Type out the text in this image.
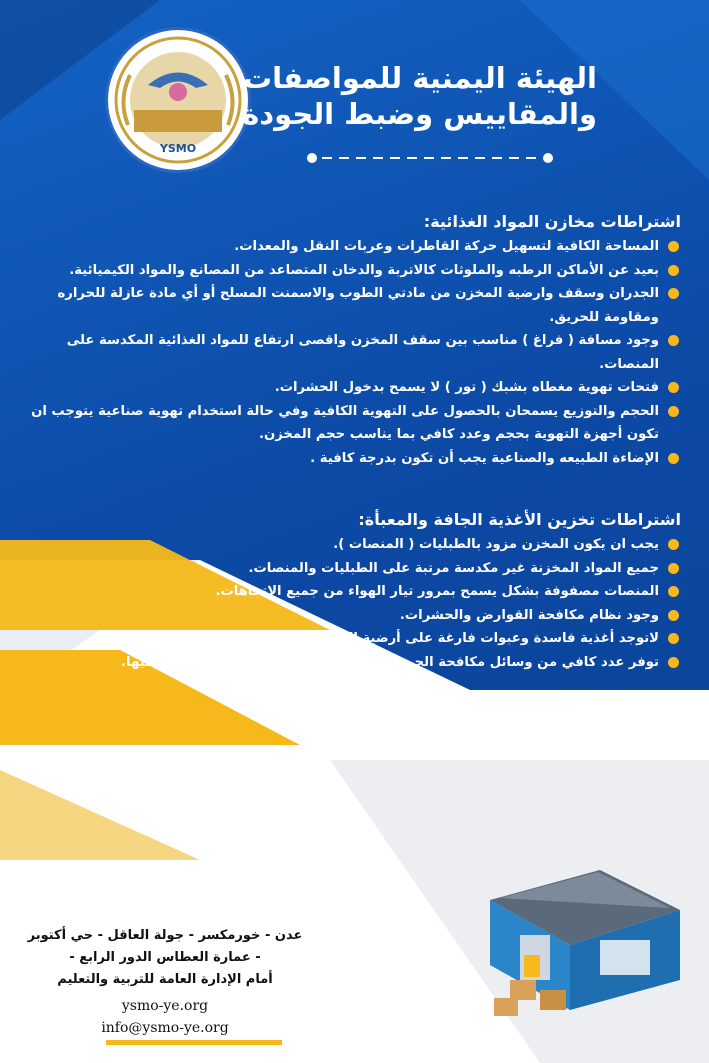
YSMO
الهيئة اليمنية للمواصفات
والمقاييس وضبط الجودة
اشتراطات مخازن المواد الغذائية:
المساحة الكافية لتسهيل حركة القاطرات وعربات النقل والمعدات.
بعيد عن الأماكن الرطبه والملوثات كالاتربة والدخان المتصاعد من المصانع والمواد الكيميائية.
الجدران وسقف وارضية المخزن من مادتي الطوب والاسمنت المسلح أو أي مادة عازلة للحراره ومقاومة للحريق.
وجود مسافة ( فراغ ) مناسب بين سقف المخزن واقصى ارتفاع للمواد الغذائية المكدسة على المنصات.
فتحات تهوية مغطاه بشبك ( تور ) لا يسمح بدخول الحشرات.
الحجم والتوزيع يسمحان بالحصول على التهوية الكافية وفي حالة استخدام تهوية صناعية يتوجب ان تكون أجهزة التهوية بحجم وعدد كافي بما يناسب حجم المخزن.
الإضاءة الطبيعه والصناعية يجب أن تكون بدرجة كافية .
اشتراطات تخزين الأغذية الجافة والمعبأة:
يجب ان يكون المخزن مزود بالطبليات ( المنصات ).
جميع المواد المخزنة غير مكدسة مرتبة على الطبليات والمنصات.
المنصات مصفوفة بشكل يسمح بمرور تيار الهواء من جميع الاتجاهات.
وجود نظام مكافحة القوارض والحشرات.
لاتوجد أغذية فاسدة وعبوات فارغة على أرضية المخزن.
توفر عدد كافي من وسائل مكافحة الحريق سارية تاريخ الصلاحية للمادة المعبأة فيها.
عدن - خورمكسر - جولة العاقل - حي أكتوبر
- عمارة العطاس الدور الرابع -
أمام الإدارة العامة للتربية والتعليم
ysmo-ye.org
info@ysmo-ye.org
